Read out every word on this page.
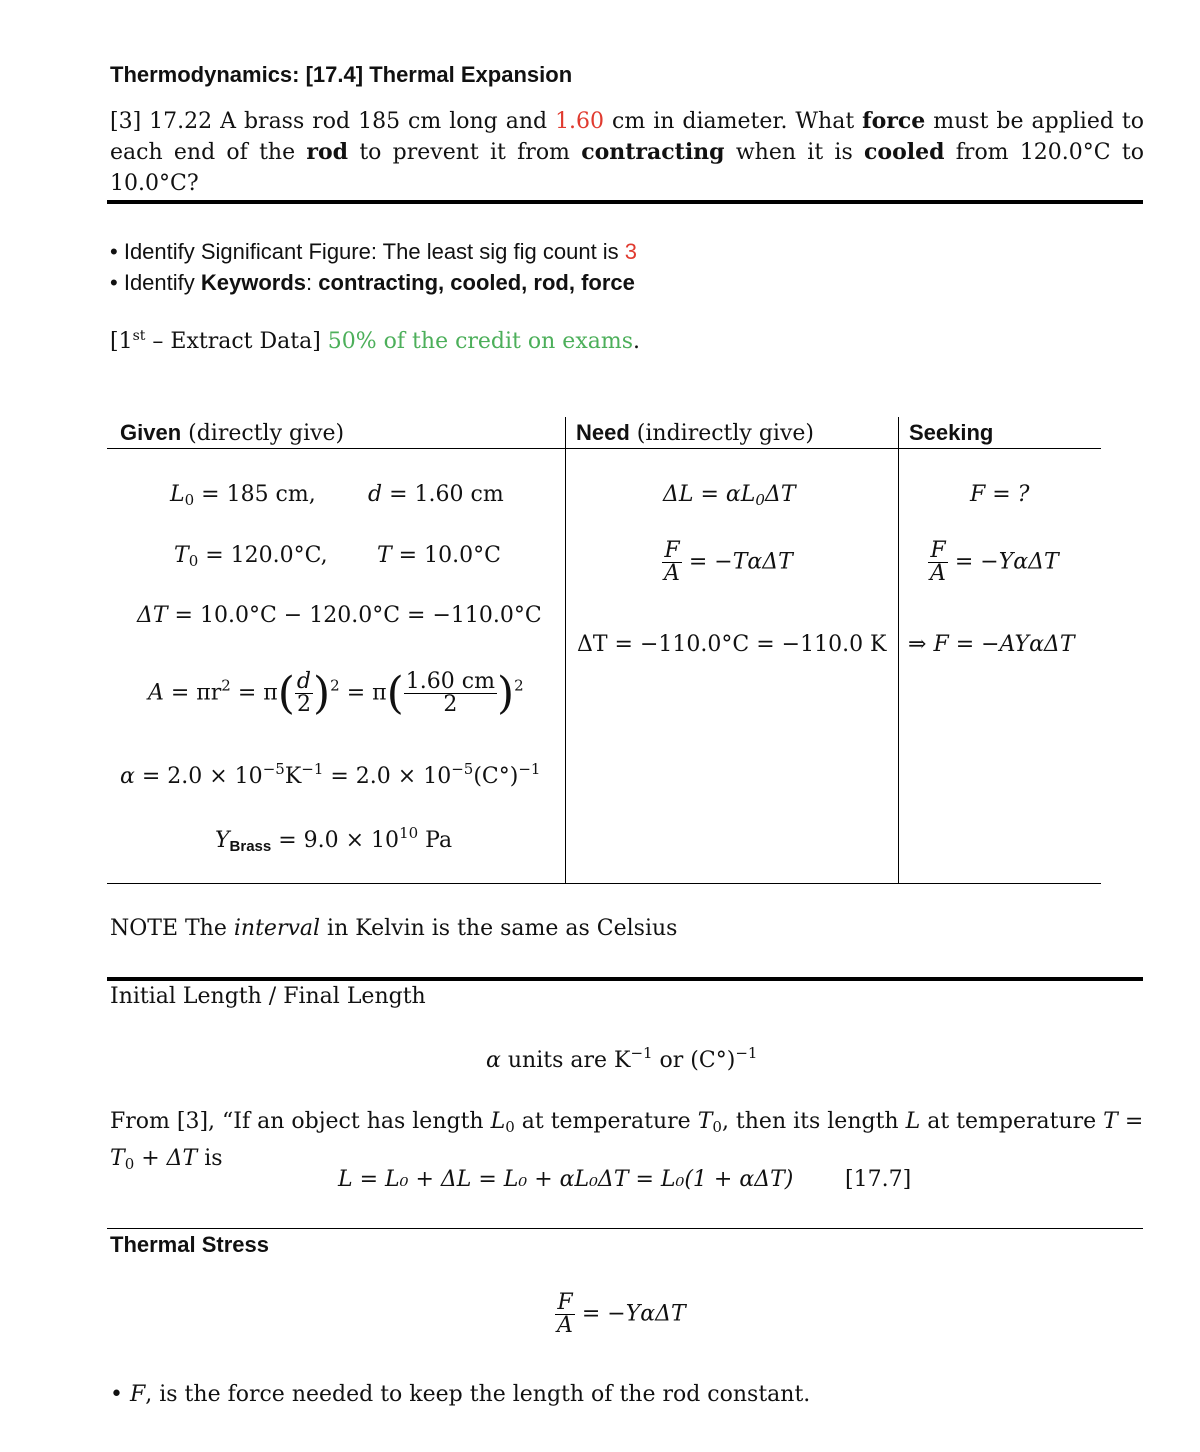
Thermodynamics: [17.4] Thermal Expansion
[3] 17.22 A brass rod 185 cm long and 1.60 cm in diameter. What force must be applied to each end of the rod to prevent it from contracting when it is cooled from 120.0°C to 10.0°C?
• Identify Significant Figure: The least sig fig count is 3
• Identify Keywords: contracting, cooled, rod, force
[1st – Extract Data] 50% of the credit on exams.
Given (directly give)	Need (indirectly give)	Seeking
$L_0 = 185$ cm, d = 1.60 cm
$T_0 = 120.0^\circ C$, T = 10.0°C
ΔT = 10.0°C − 120.0°C = −110.0°C
$A = \pi r^2 = \pi( \frac{d}{2} )^2 = \pi( \frac{1.60 cm}{2} )^2$
$\alpha = 2.0 \times 10^{-5}K^{-1} = 2.0 \times 10^{-5}(C^\circ)^{-1}$
$Y_{Brass} = 9.0 \times 10^{10}$ Pa
$\Delta L = \alpha L_0\Delta T$
$\frac{F}{A} = -T\alpha\Delta T$
ΔT = −110.0°C = −110.0 K
F = ?
$\frac{F}{A} = -Y\alpha\Delta T$
⇒ F = −AYαΔT
NOTE The interval in Kelvin is the same as Celsius
Initial Length / Final Length
α units are $K^{-1}$ or $(C^\circ)^{-1}$
From [3], “If an object has length $L_0$ at temperature $T_0$, then its length L at temperature T =
$T_0 + \Delta T$ is
L = L₀ + ΔL = L₀ + αL₀ΔT = L₀(1 + αΔT) [17.7]
Thermal Stress
$\frac{F}{A} = -Y\alpha\Delta T$
• F, is the force needed to keep the length of the rod constant.
